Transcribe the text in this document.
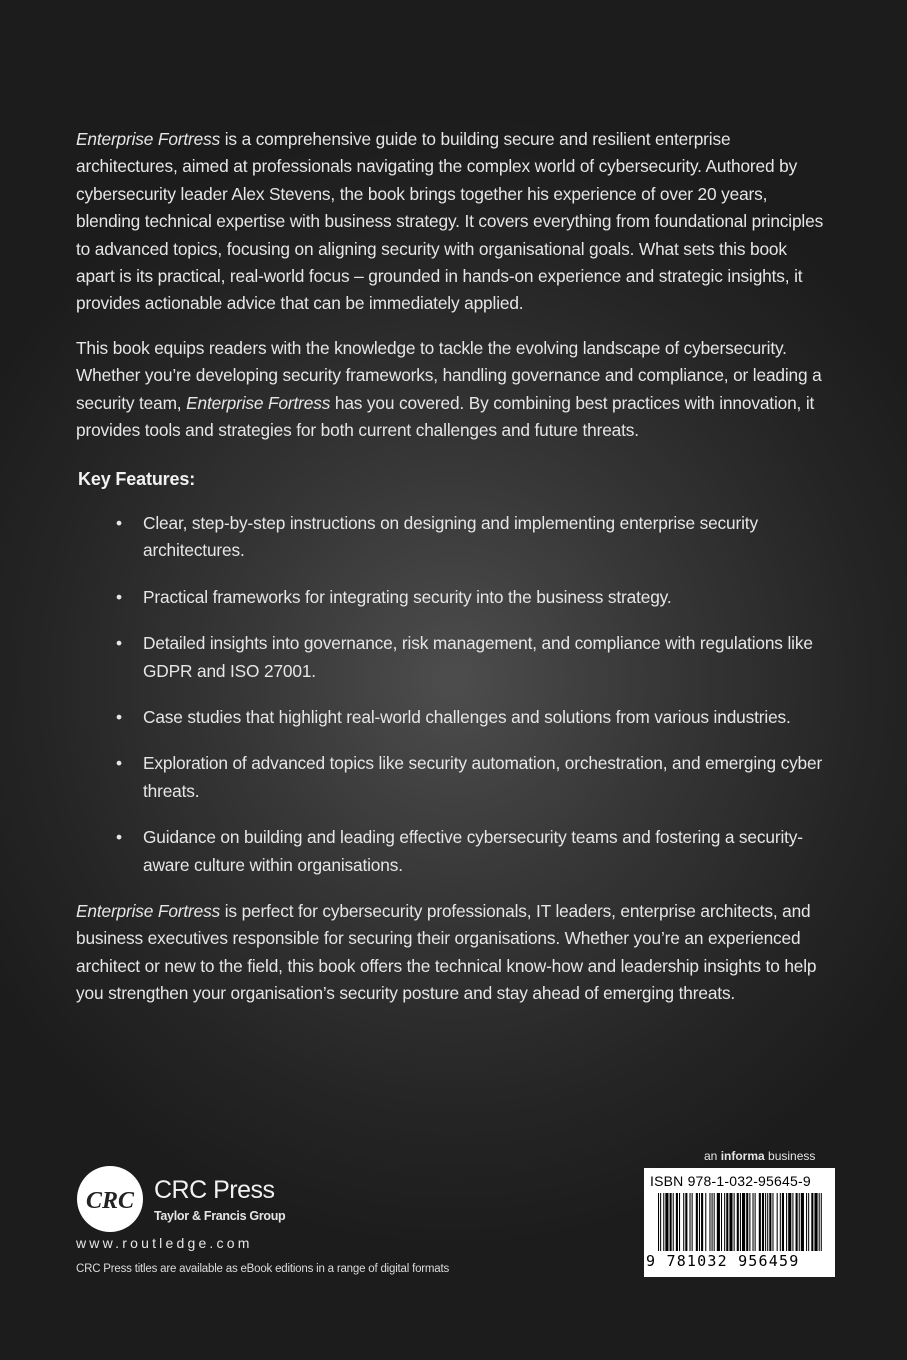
Enterprise Fortress is a comprehensive guide to building secure and resilient enterprise architectures, aimed at professionals navigating the complex world of cybersecurity. Authored by cybersecurity leader Alex Stevens, the book brings together his experience of over 20 years, blending technical expertise with business strategy. It covers everything from foundational principles to advanced topics, focusing on aligning security with organisational goals. What sets this book apart is its practical, real-world focus – grounded in hands-on experience and strategic insights, it provides actionable advice that can be immediately applied.

This book equips readers with the knowledge to tackle the evolving landscape of cybersecurity. Whether you’re developing security frameworks, handling governance and compliance, or leading a security team, Enterprise Fortress has you covered. By combining best practices with innovation, it provides tools and strategies for both current challenges and future threats.

Key Features:
• Clear, step-by-step instructions on designing and implementing enterprise security architectures.
• Practical frameworks for integrating security into the business strategy.
• Detailed insights into governance, risk management, and compliance with regulations like GDPR and ISO 27001.
• Case studies that highlight real-world challenges and solutions from various industries.
• Exploration of advanced topics like security automation, orchestration, and emerging cyber threats.
• Guidance on building and leading effective cybersecurity teams and fostering a security-aware culture within organisations.

Enterprise Fortress is perfect for cybersecurity professionals, IT leaders, enterprise architects, and business executives responsible for securing their organisations. Whether you’re an experienced architect or new to the field, this book offers the technical know-how and leadership insights to help you strengthen your organisation’s security posture and stay ahead of emerging threats.

an informa business
ISBN 978-1-032-95645-9
9 781032 956459
CRC CRC Press
Taylor & Francis Group
www.routledge.com
CRC Press titles are available as eBook editions in a range of digital formats
